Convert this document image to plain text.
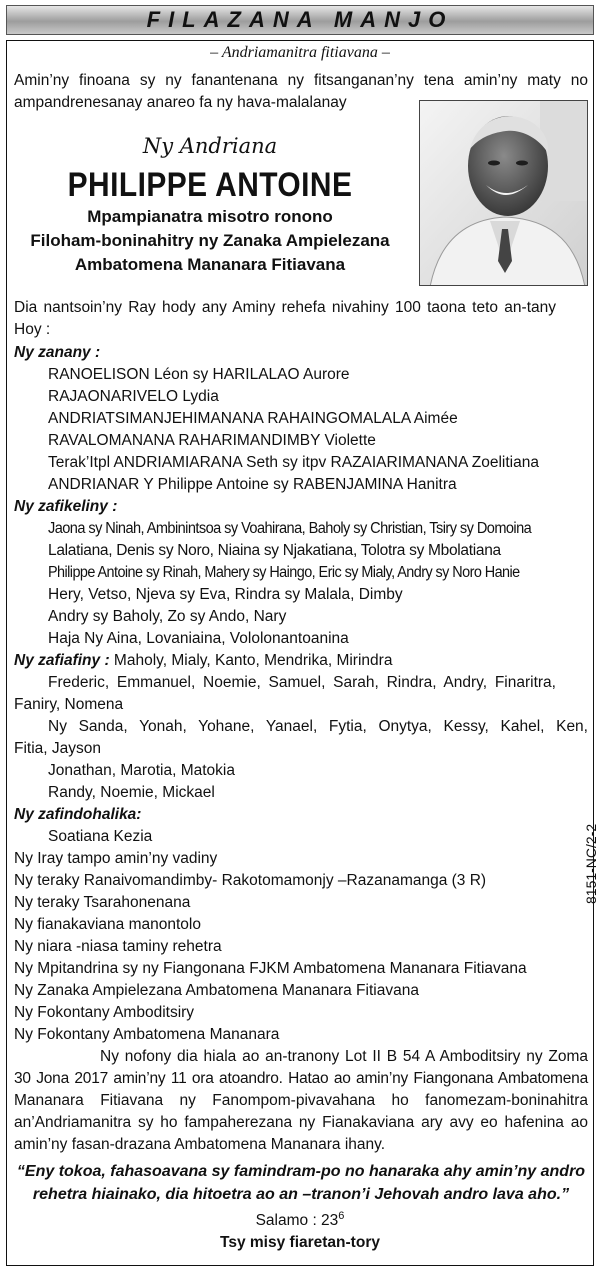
FILAZANA MANJO
– Andriamanitra fitiavana –
Amin’ny finoana sy ny fanantenana ny fitsanganan’ny tena amin’ny maty no
ampandrenesanay anareo fa ny hava-malalanay
Ny Andriana
PHILIPPE ANTOINE
Mpampianatra misotro ronono
Filoham-boninahitry ny Zanaka Ampielezana
Ambatomena Mananara Fitiavana
Dia nantsoin’ny Ray hody any Aminy rehefa nivahiny 100 taona teto an-tany
Hoy :
Ny zanany :
RANOELISON Léon sy HARILALAO Aurore
RAJAONARIVELO Lydia
ANDRIATSIMANJEHIMANANA RAHAINGOMALALA Aimée
RAVALOMANANA RAHARIMANDIMBY Violette
Terak’Itpl ANDRIAMIARANA Seth sy itpv RAZAIARIMANANA Zoelitiana
ANDRIANAR Y Philippe Antoine sy RABENJAMINA Hanitra
Ny zafikeliny :
Jaona sy Ninah, Ambinintsoa sy Voahirana, Baholy sy Christian, Tsiry sy Domoina
Lalatiana, Denis sy Noro, Niaina sy Njakatiana, Tolotra sy Mbolatiana
Philippe Antoine sy Rinah, Mahery sy Haingo, Eric sy Mialy, Andry sy Noro Hanie
Hery, Vetso, Njeva sy Eva, Rindra sy Malala, Dimby
Andry sy Baholy, Zo sy Ando, Nary
Haja Ny Aina, Lovaniaina, Vololonantoanina
Ny zafiafiny : Maholy, Mialy, Kanto, Mendrika, Mirindra
Frederic, Emmanuel, Noemie, Samuel, Sarah, Rindra, Andry, Finaritra,
Faniry, Nomena
Ny Sanda, Yonah, Yohane, Yanael, Fytia, Onytya, Kessy, Kahel, Ken,
Fitia, Jayson
Jonathan, Marotia, Matokia
Randy, Noemie, Mickael
Ny zafindohalika:
Soatiana Kezia
Ny Iray tampo amin’ny vadiny
Ny teraky Ranaivomandimby- Rakotomamonjy –Razanamanga (3 R)
Ny teraky Tsarahonenana
Ny fianakaviana manontolo
Ny niara -niasa taminy rehetra
Ny Mpitandrina sy ny Fiangonana FJKM Ambatomena Mananara Fitiavana
Ny Zanaka Ampielezana Ambatomena Mananara Fitiavana
Ny Fokontany Amboditsiry
Ny Fokontany Ambatomena Mananara
Ny nofony dia hiala ao an-tranony Lot II B 54 A Amboditsiry ny Zoma
30 Jona 2017 amin’ny 11 ora atoandro. Hatao ao amin’ny Fiangonana Ambatomena
Mananara Fitiavana ny Fanompom-pivavahana ho fanomezam-boninahitra
an’Andriamanitra sy ho fampaherezana ny Fianakaviana ary avy eo hafenina ao
amin’ny fasan-drazana Ambatomena Mananara ihany.
“Eny tokoa, fahasoavana sy famindram-po no hanaraka ahy amin’ny andro
rehetra hiainako, dia hitoetra ao an –tranon’i Jehovah andro lava aho.”
Salamo : $23^6$
Tsy misy fiaretan-tory
8151-NC/2-2
